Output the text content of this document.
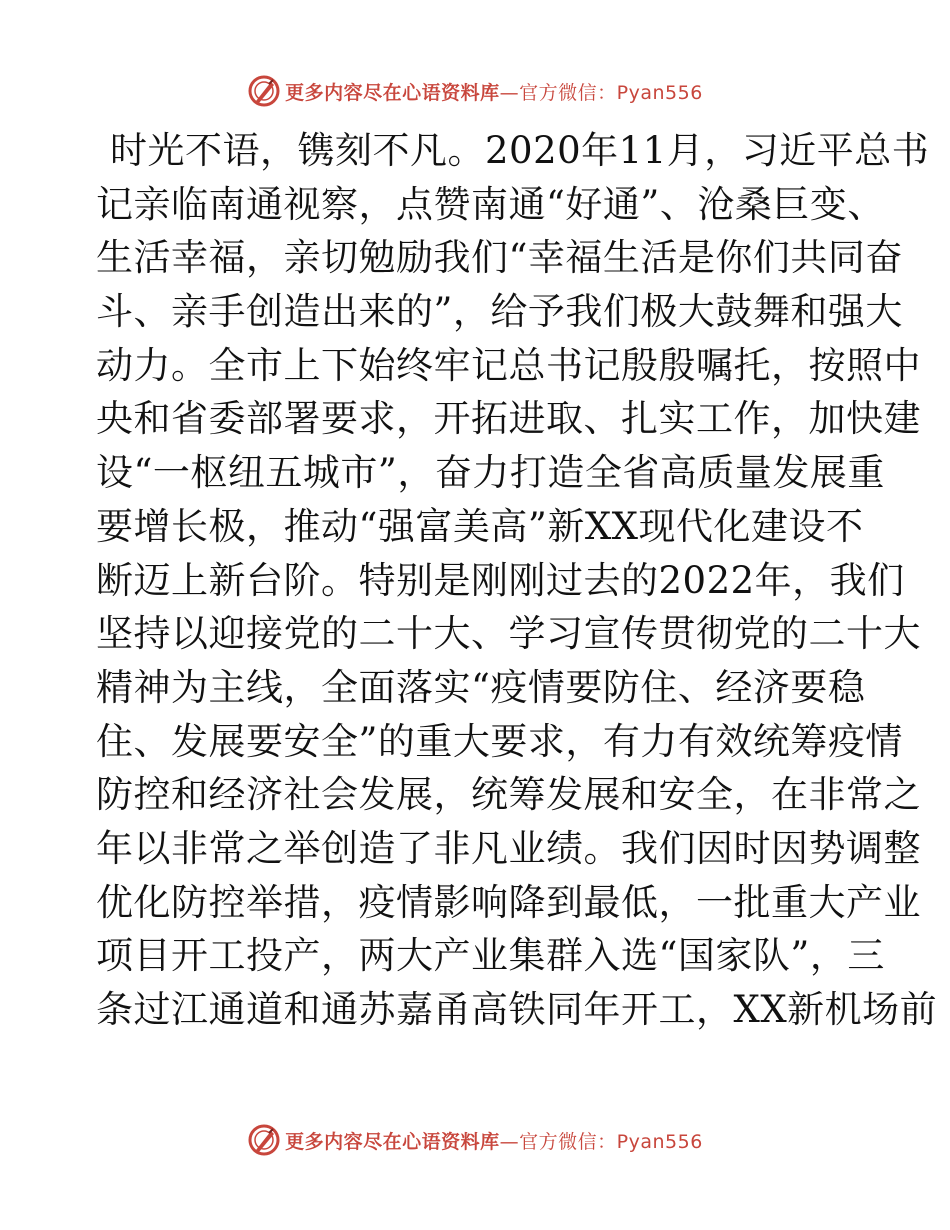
更多内容尽在心语资料库—官方微信：Pyan556
时光不语，镌刻不凡。2020年11月，习近平总书
记亲临南通视察，点赞南通“好通”、沧桑巨变、
生活幸福，亲切勉励我们“幸福生活是你们共同奋
斗、亲手创造出来的”，给予我们极大鼓舞和强大
动力。全市上下始终牢记总书记殷殷嘱托，按照中
央和省委部署要求，开拓进取、扎实工作，加快建
设“一枢纽五城市”，奋力打造全省高质量发展重
要增长极，推动“强富美高”新XX现代化建设不
断迈上新台阶。特别是刚刚过去的2022年，我们
坚持以迎接党的二十大、学习宣传贯彻党的二十大
精神为主线，全面落实“疫情要防住、经济要稳
住、发展要安全”的重大要求，有力有效统筹疫情
防控和经济社会发展，统筹发展和安全，在非常之
年以非常之举创造了非凡业绩。我们因时因势调整
优化防控举措，疫情影响降到最低，一批重大产业
项目开工投产，两大产业集群入选“国家队”，三
条过江通道和通苏嘉甬高铁同年开工，XX新机场前
更多内容尽在心语资料库—官方微信：Pyan556
